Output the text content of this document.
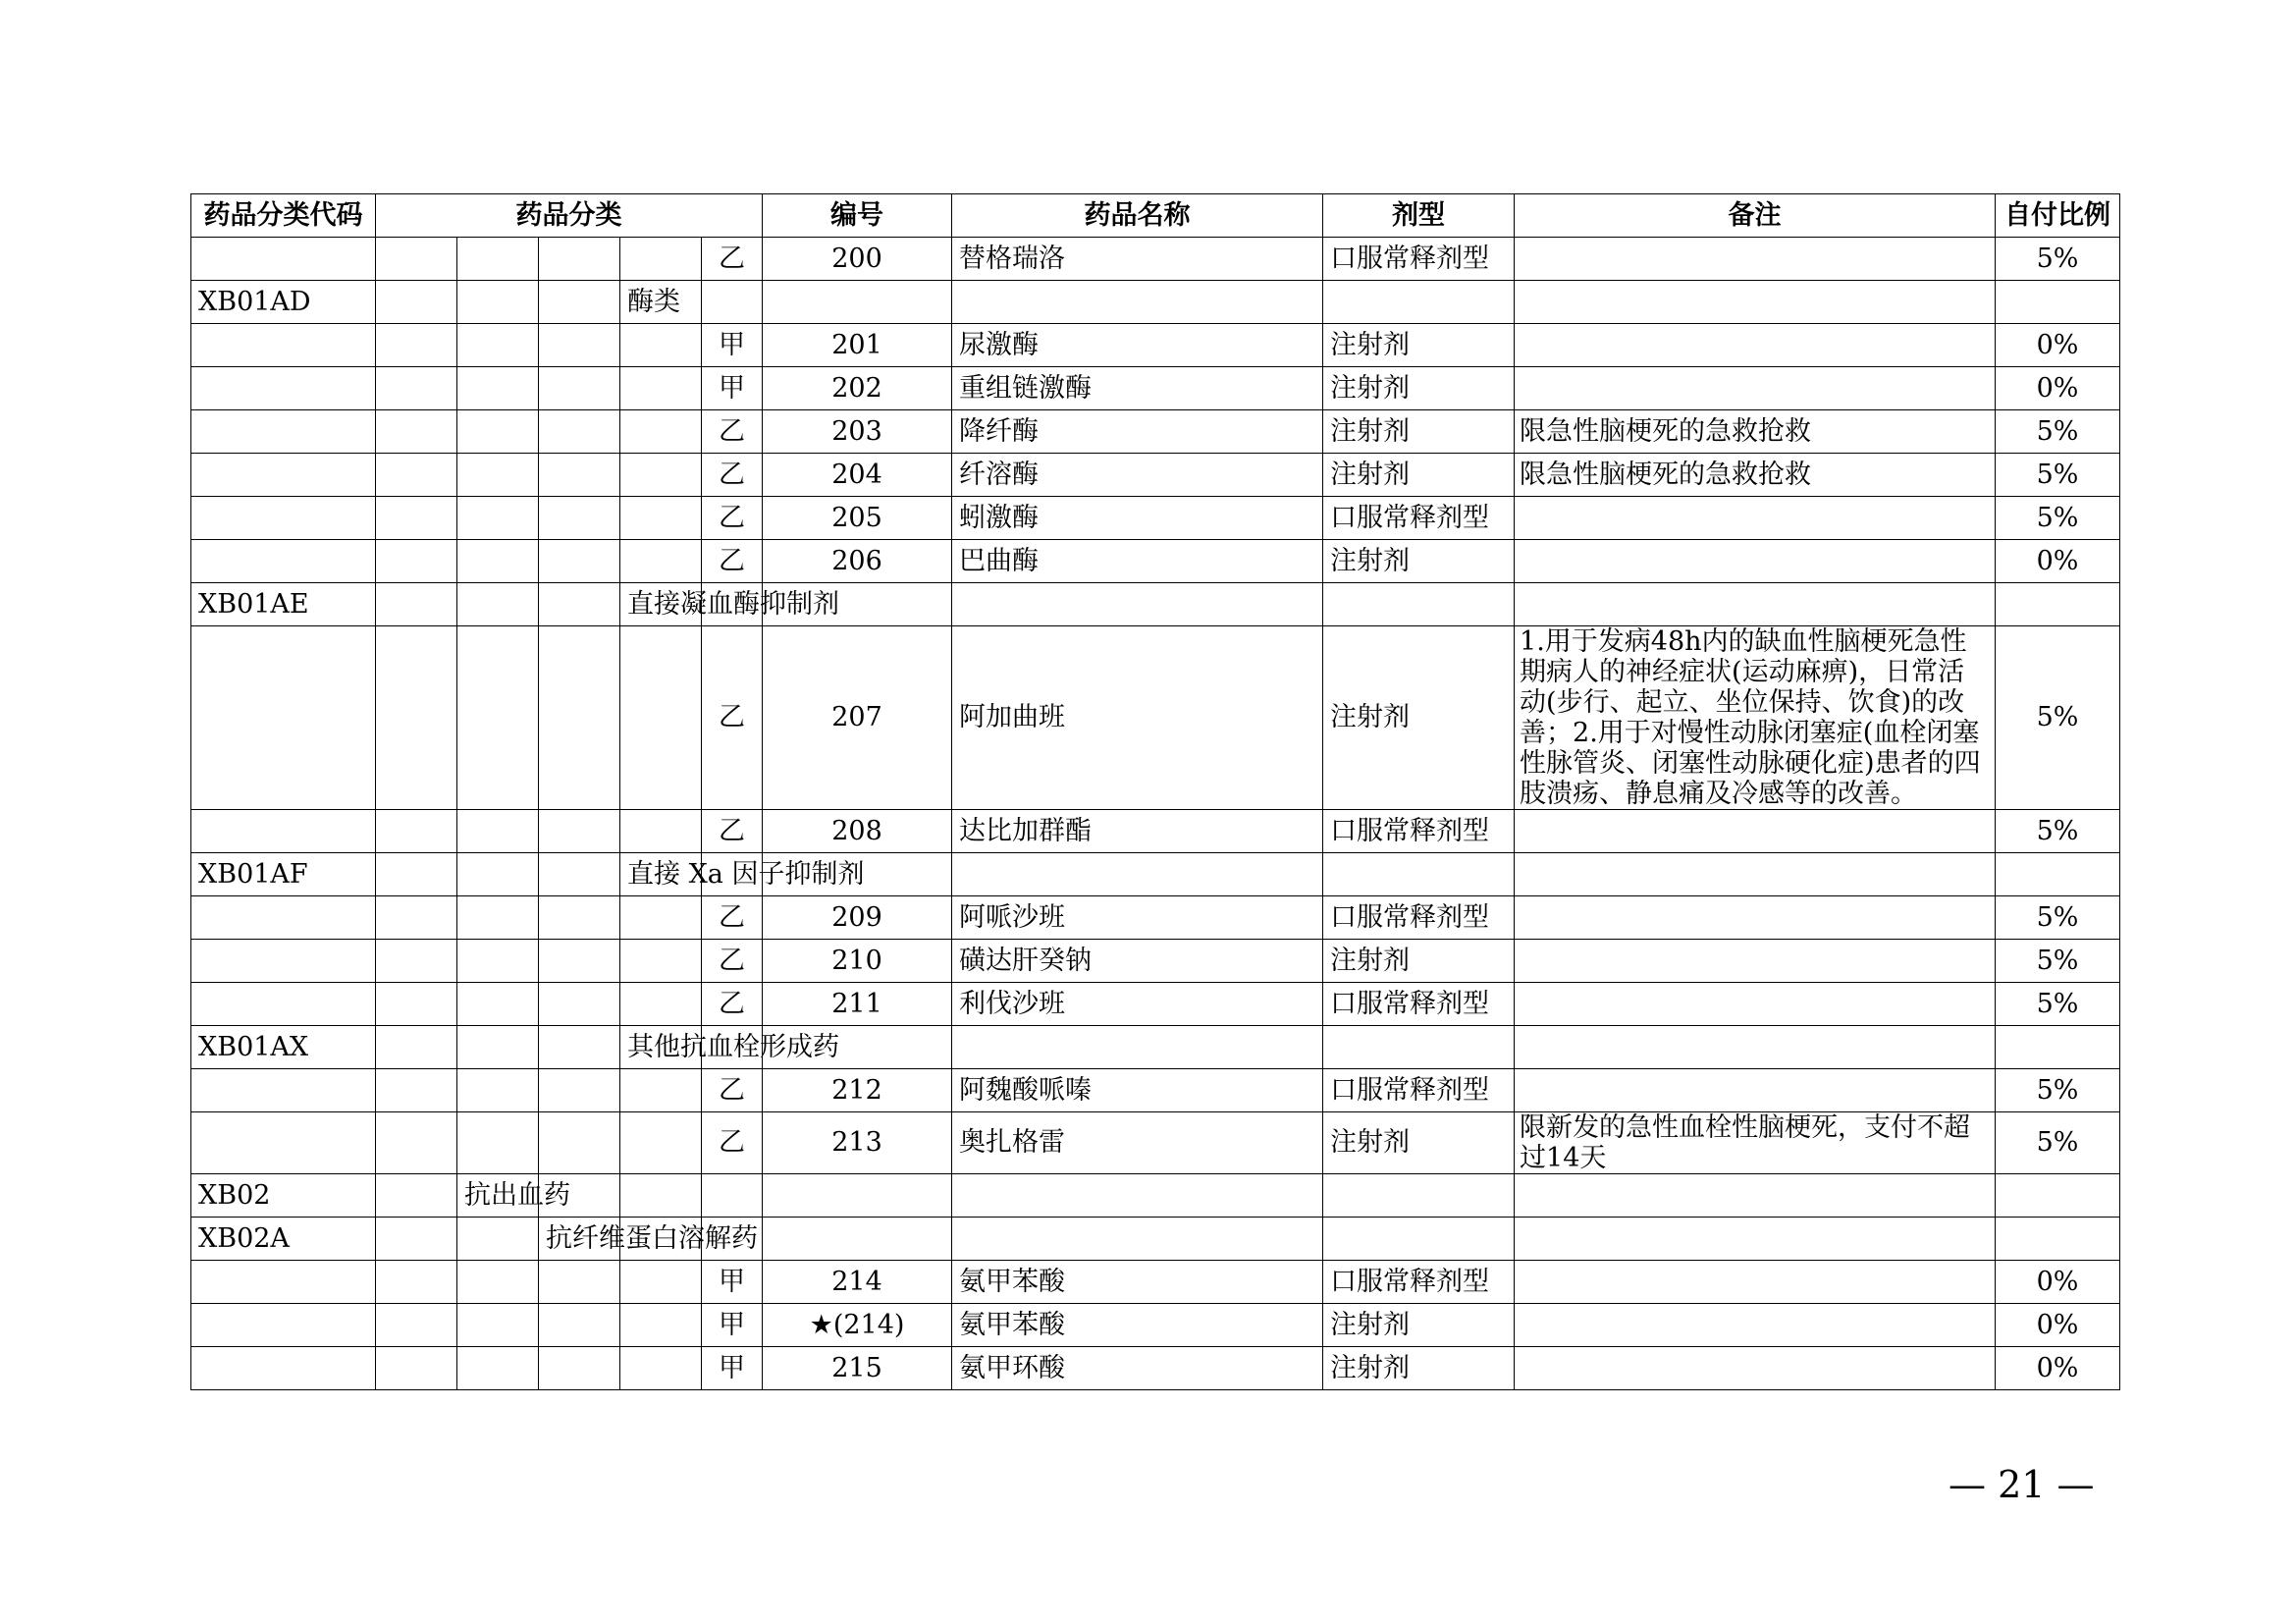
药品分类代码	药品分类					编号	药品名称	剂型	备注	自付比例
					乙	200	替格瑞洛	口服常释剂型		5%
XB01AD				酶类						
					甲	201	尿激酶	注射剂		0%
					甲	202	重组链激酶	注射剂		0%
					乙	203	降纤酶	注射剂	限急性脑梗死的急救抢救	5%
					乙	204	纤溶酶	注射剂	限急性脑梗死的急救抢救	5%
					乙	205	蚓激酶	口服常释剂型		5%
					乙	206	巴曲酶	注射剂		0%
XB01AE				直接凝血酶抑制剂						
					乙	207	阿加曲班	注射剂	1.用于发病48h内的缺血性脑梗死急性期病人的神经症状(运动麻痹)，日常活动(步行、起立、坐位保持、饮食)的改善；2.用于对慢性动脉闭塞症(血栓闭塞性脉管炎、闭塞性动脉硬化症)患者的四肢溃疡、静息痛及冷感等的改善。	5%
					乙	208	达比加群酯	口服常释剂型		5%
XB01AF				直接 Xa 因子抑制剂						
					乙	209	阿哌沙班	口服常释剂型		5%
					乙	210	磺达肝癸钠	注射剂		5%
					乙	211	利伐沙班	口服常释剂型		5%
XB01AX				其他抗血栓形成药						
					乙	212	阿魏酸哌嗪	口服常释剂型		5%
					乙	213	奥扎格雷	注射剂	限新发的急性血栓性脑梗死，支付不超过14天	5%
XB02		抗出血药								
XB02A			抗纤维蛋白溶解药							
					甲	214	氨甲苯酸	口服常释剂型		0%
					甲	★(214)	氨甲苯酸	注射剂		0%
					甲	215	氨甲环酸	注射剂		0%
— 21 —
